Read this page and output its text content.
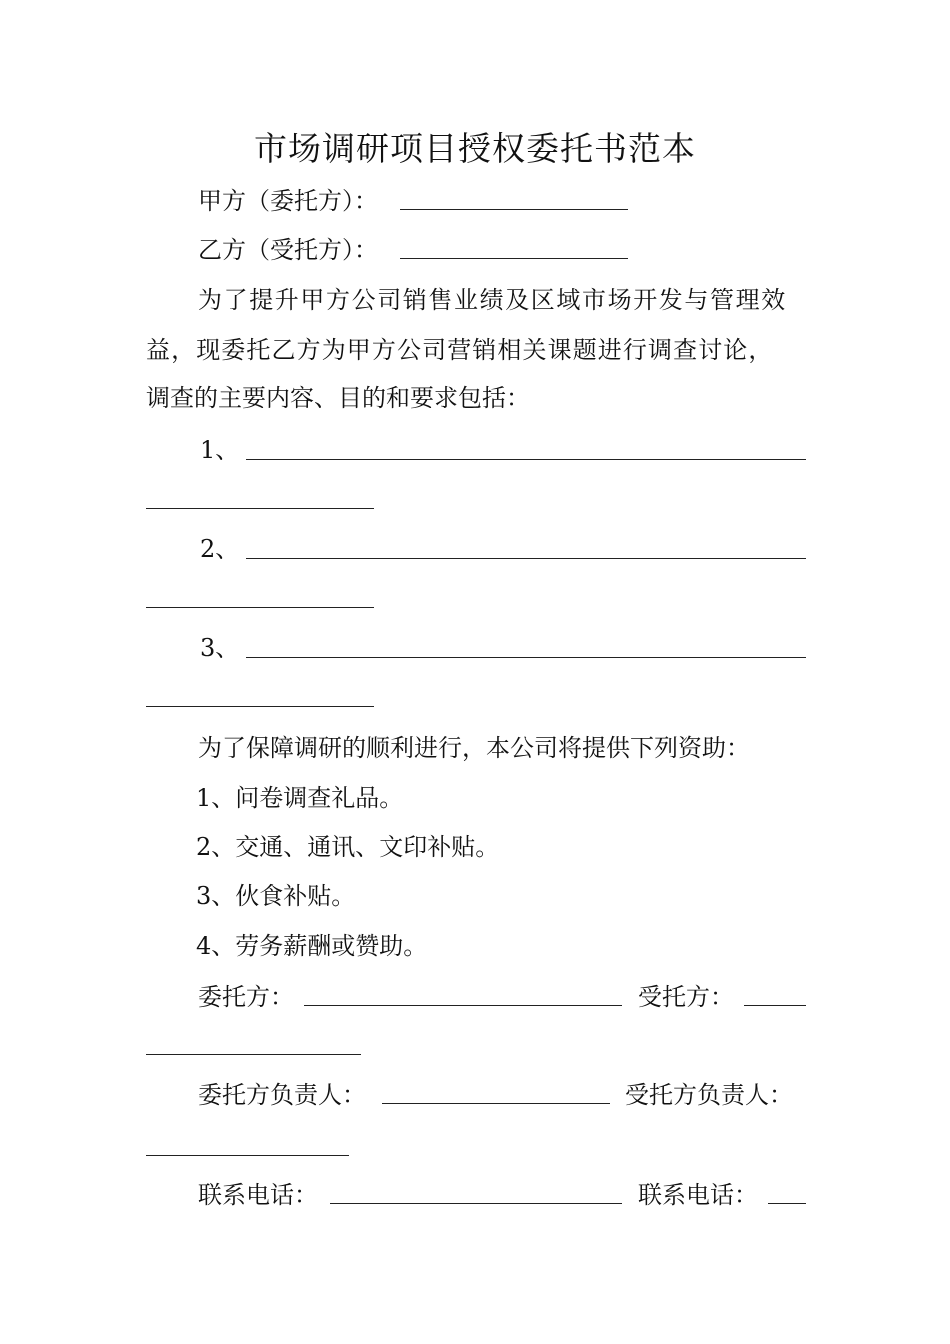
市场调研项目授权委托书范本
甲方（委托方）：
乙方（受托方）：
为了提升甲方公司销售业绩及区域市场开发与管理效
益，现委托乙方为甲方公司营销相关课题进行调查讨论，
调查的主要内容、目的和要求包括：
1、
2、
3、
为了保障调研的顺利进行，本公司将提供下列资助：
1、问卷调查礼品。
2、交通、通讯、文印补贴。
3、伙食补贴。
4、劳务薪酬或赞助。
委托方：	受托方：
委托方负责人：	受托方负责人：
联系电话：	联系电话：
